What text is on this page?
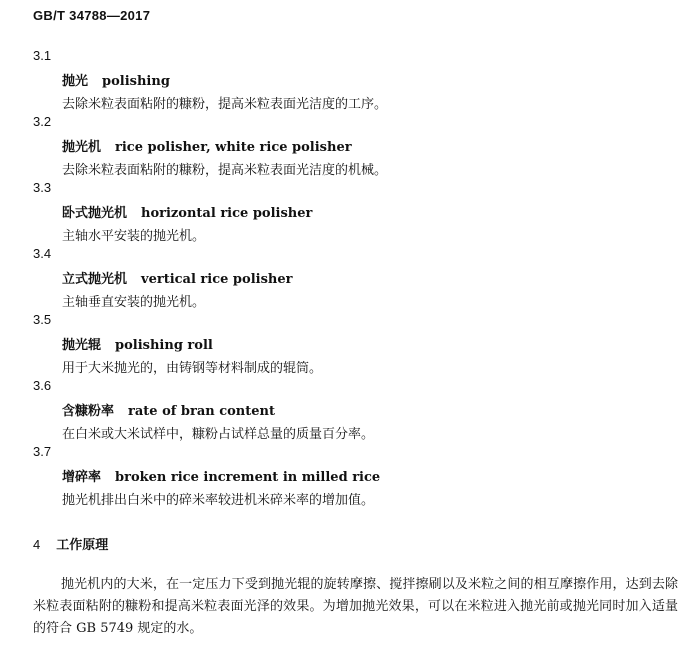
GB/T 34788—2017
3.1
抛光 polishing
去除米粒表面粘附的糠粉，提高米粒表面光洁度的工序。
3.2
抛光机 rice polisher, white rice polisher
去除米粒表面粘附的糠粉，提高米粒表面光洁度的机械。
3.3
卧式抛光机 horizontal rice polisher
主轴水平安装的抛光机。
3.4
立式抛光机 vertical rice polisher
主轴垂直安装的抛光机。
3.5
抛光辊 polishing roll
用于大米抛光的，由铸钢等材料制成的辊筒。
3.6
含糠粉率 rate of bran content
在白米或大米试样中，糠粉占试样总量的质量百分率。
3.7
增碎率 broken rice increment in milled rice
抛光机排出白米中的碎米率较进机米碎米率的增加值。
4 工作原理
抛光机内的大米，在一定压力下受到抛光辊的旋转摩擦、搅拌擦刷以及米粒之间的相互摩擦作用，达到去除米粒表面粘附的糠粉和提高米粒表面光泽的效果。为增加抛光效果，可以在米粒进入抛光前或抛光同时加入适量的符合 GB 5749 规定的水。
